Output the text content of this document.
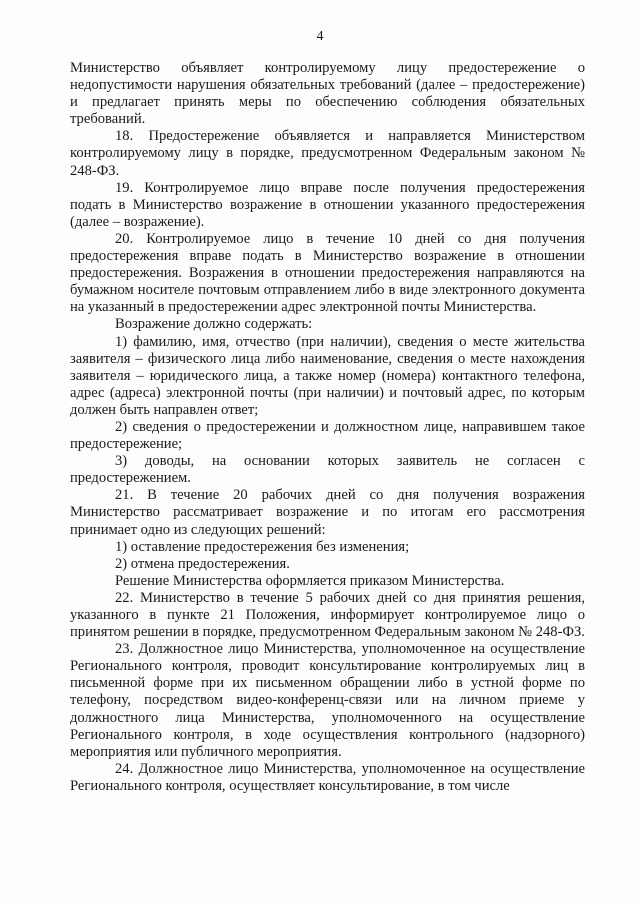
4

Министерство объявляет контролируемому лицу предостережение о недопустимости нарушения обязательных требований (далее – предостережение) и предлагает принять меры по обеспечению соблюдения обязательных требований.

18. Предостережение объявляется и направляется Министерством контролируемому лицу в порядке, предусмотренном Федеральным законом № 248-ФЗ.

19. Контролируемое лицо вправе после получения предостережения подать в Министерство возражение в отношении указанного предостережения (далее – возражение).

20. Контролируемое лицо в течение 10 дней со дня получения предостережения вправе подать в Министерство возражение в отношении предостережения. Возражения в отношении предостережения направляются на бумажном носителе почтовым отправлением либо в виде электронного документа на указанный в предостережении адрес электронной почты Министерства.

Возражение должно содержать:

1) фамилию, имя, отчество (при наличии), сведения о месте жительства заявителя – физического лица либо наименование, сведения о месте нахождения заявителя – юридического лица, а также номер (номера) контактного телефона, адрес (адреса) электронной почты (при наличии) и почтовый адрес, по которым должен быть направлен ответ;

2) сведения о предостережении и должностном лице, направившем такое предостережение;

3) доводы, на основании которых заявитель не согласен с предостережением.

21. В течение 20 рабочих дней со дня получения возражения Министерство рассматривает возражение и по итогам его рассмотрения принимает одно из следующих решений:

1) оставление предостережения без изменения;

2) отмена предостережения.

Решение Министерства оформляется приказом Министерства.

22. Министерство в течение 5 рабочих дней со дня принятия решения, указанного в пункте 21 Положения, информирует контролируемое лицо о принятом решении в порядке, предусмотренном Федеральным законом № 248-ФЗ.

23. Должностное лицо Министерства, уполномоченное на осуществление Регионального контроля, проводит консультирование контролируемых лиц в письменной форме при их письменном обращении либо в устной форме по телефону, посредством видео-конференц-связи или на личном приеме у должностного лица Министерства, уполномоченного на осуществление Регионального контроля, в ходе осуществления контрольного (надзорного) мероприятия или публичного мероприятия.

24. Должностное лицо Министерства, уполномоченное на осуществление Регионального контроля, осуществляет консультирование, в том числе
